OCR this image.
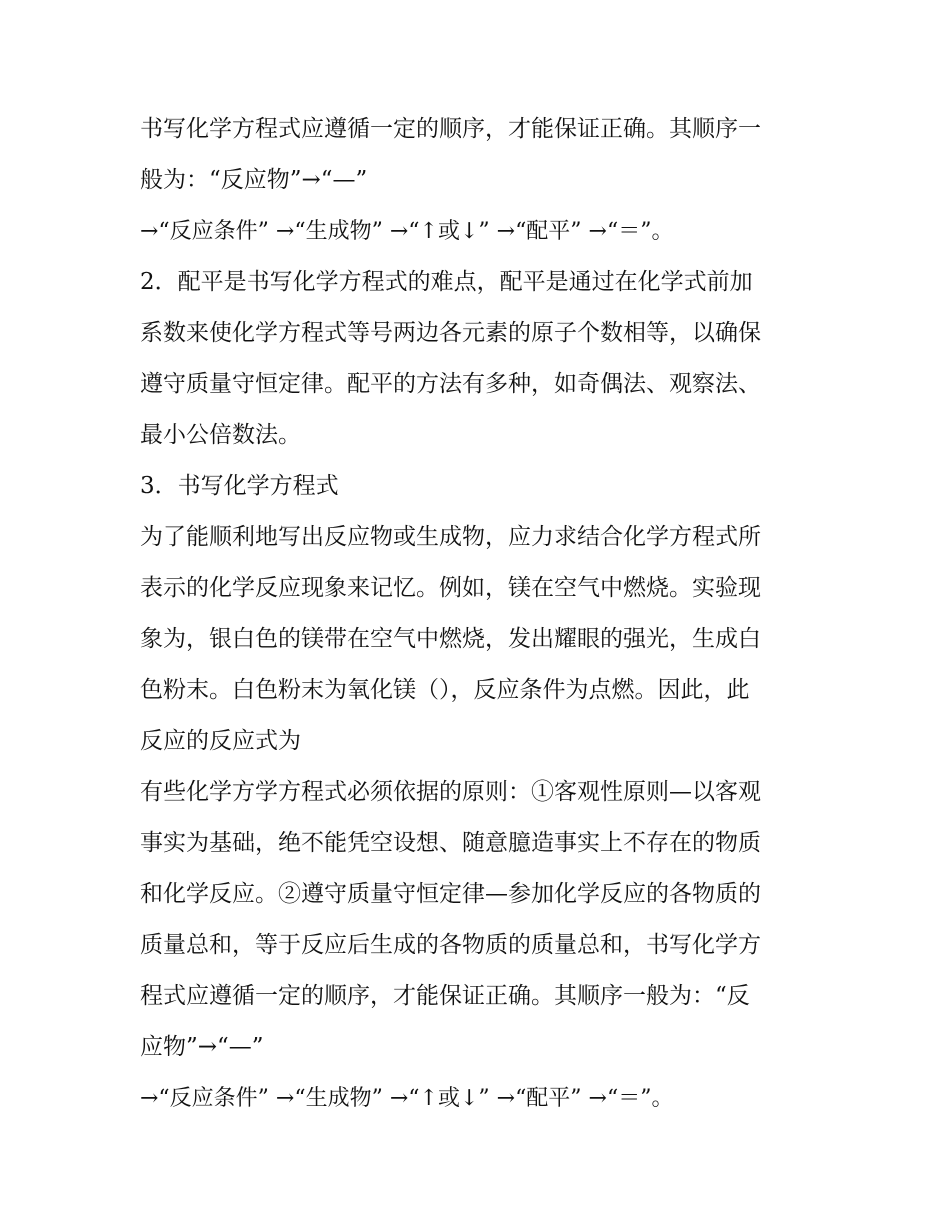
书写化学方程式应遵循一定的顺序，才能保证正确。其顺序一
般为：“反应物”→“—”
→“反应条件” →“生成物” →“↑或↓” →“配平” →“＝”。
2．配平是书写化学方程式的难点，配平是通过在化学式前加
系数来使化学方程式等号两边各元素的原子个数相等，以确保
遵守质量守恒定律。配平的方法有多种，如奇偶法、观察法、
最小公倍数法。
3．书写化学方程式
为了能顺利地写出反应物或生成物，应力求结合化学方程式所
表示的化学反应现象来记忆。例如，镁在空气中燃烧。实验现
象为，银白色的镁带在空气中燃烧，发出耀眼的强光，生成白
色粉末。白色粉末为氧化镁（），反应条件为点燃。因此，此
反应的反应式为
有些化学方学方程式必须依据的原则：①客观性原则—以客观
事实为基础，绝不能凭空设想、随意臆造事实上不存在的物质
和化学反应。②遵守质量守恒定律—参加化学反应的各物质的
质量总和，等于反应后生成的各物质的质量总和，书写化学方
程式应遵循一定的顺序，才能保证正确。其顺序一般为：“反
应物”→“—”
→“反应条件” →“生成物” →“↑或↓” →“配平” →“＝”。
